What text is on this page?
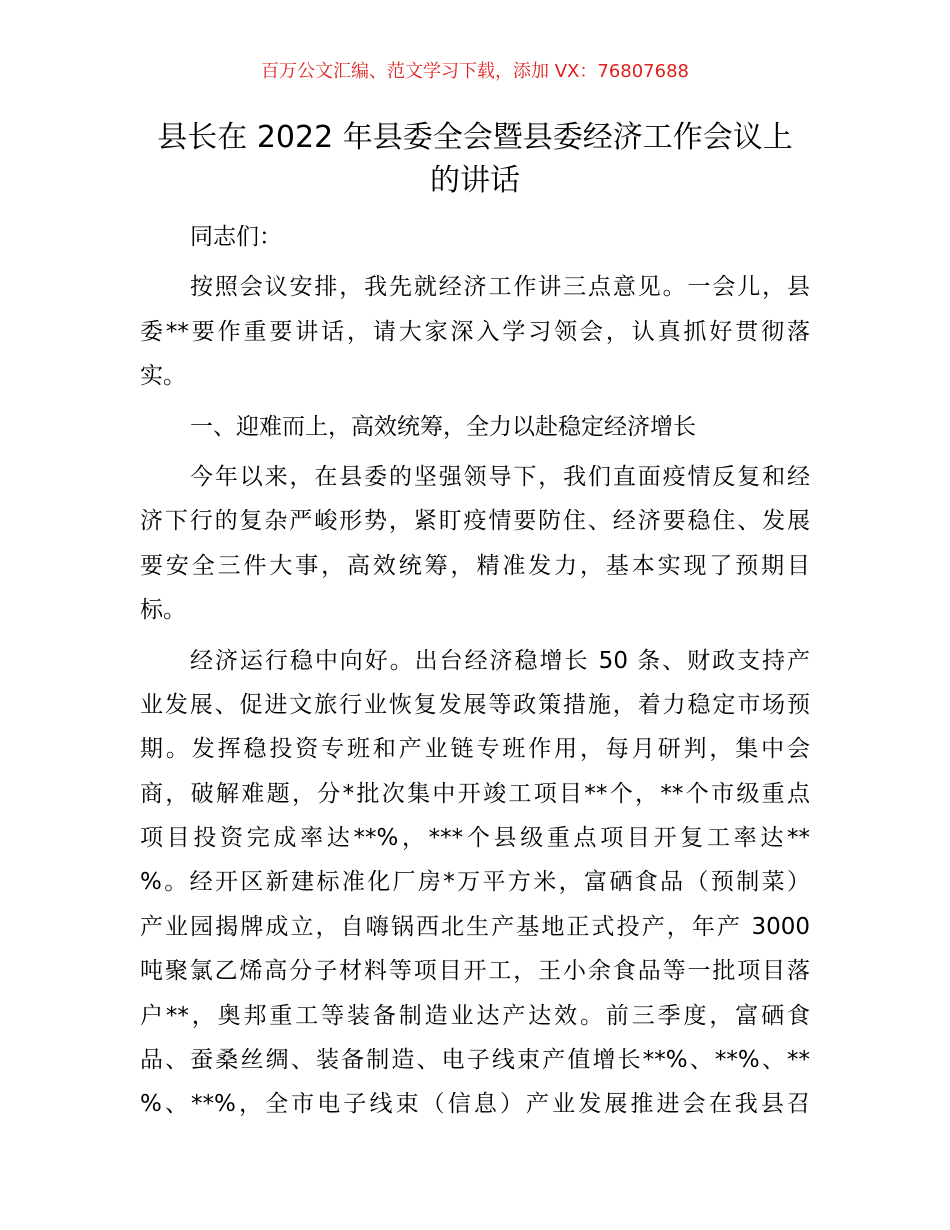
百万公文汇编、范文学习下载，添加 VX：76807688
县长在 2022 年县委全会暨县委经济工作会议上
的讲话
同志们：
按照会议安排，我先就经济工作讲三点意见。一会儿，县
委**要作重要讲话，请大家深入学习领会，认真抓好贯彻落
实。
一、迎难而上，高效统筹，全力以赴稳定经济增长
今年以来，在县委的坚强领导下，我们直面疫情反复和经
济下行的复杂严峻形势，紧盯疫情要防住、经济要稳住、发展
要安全三件大事，高效统筹，精准发力，基本实现了预期目
标。
经济运行稳中向好。出台经济稳增长 50 条、财政支持产
业发展、促进文旅行业恢复发展等政策措施，着力稳定市场预
期。发挥稳投资专班和产业链专班作用，每月研判，集中会
商，破解难题，分*批次集中开竣工项目**个，**个市级重点
项目投资完成率达**%，***个县级重点项目开复工率达**
%。经开区新建标准化厂房*万平方米，富硒食品（预制菜）
产业园揭牌成立，自嗨锅西北生产基地正式投产，年产 3000
吨聚氯乙烯高分子材料等项目开工，王小余食品等一批项目落
户**，奥邦重工等装备制造业达产达效。前三季度，富硒食
品、蚕桑丝绸、装备制造、电子线束产值增长**%、**%、**
%、**%，全市电子线束（信息）产业发展推进会在我县召
